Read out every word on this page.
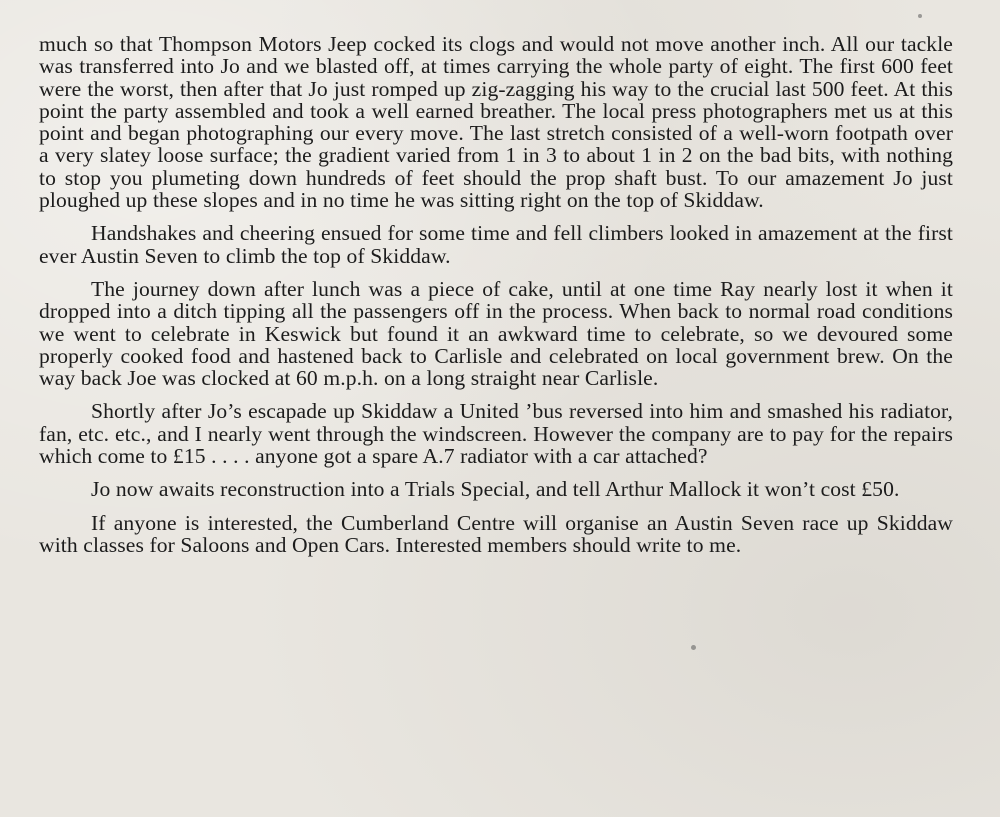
much so that Thompson Motors Jeep cocked its clogs and would not move another inch. All our tackle was transferred into Jo and we blasted off, at times carrying the whole party of eight. The first 600 feet were the worst, then after that Jo just romped up zig-zagging his way to the crucial last 500 feet. At this point the party assembled and took a well earned breather. The local press photographers met us at this point and began photographing our every move. The last stretch consisted of a well-worn footpath over a very slatey loose surface; the gradient varied from 1 in 3 to about 1 in 2 on the bad bits, with nothing to stop you plumeting down hundreds of feet should the prop shaft bust. To our amazement Jo just ploughed up these slopes and in no time he was sitting right on the top of Skiddaw.

Handshakes and cheering ensued for some time and fell climbers looked in amazement at the first ever Austin Seven to climb the top of Skiddaw.

The journey down after lunch was a piece of cake, until at one time Ray nearly lost it when it dropped into a ditch tipping all the passengers off in the process. When back to normal road conditions we went to celebrate in Keswick but found it an awkward time to celebrate, so we devoured some properly cooked food and hastened back to Carlisle and celebrated on local government brew. On the way back Joe was clocked at 60 m.p.h. on a long straight near Carlisle.

Shortly after Jo’s escapade up Skiddaw a United ’bus reversed into him and smashed his radiator, fan, etc. etc., and I nearly went through the windscreen. However the company are to pay for the repairs which come to £15 . . . . anyone got a spare A.7 radiator with a car attached?

Jo now awaits reconstruction into a Trials Special, and tell Arthur Mallock it won’t cost £50.

If anyone is interested, the Cumberland Centre will organise an Austin Seven race up Skiddaw with classes for Saloons and Open Cars. Interested members should write to me.
